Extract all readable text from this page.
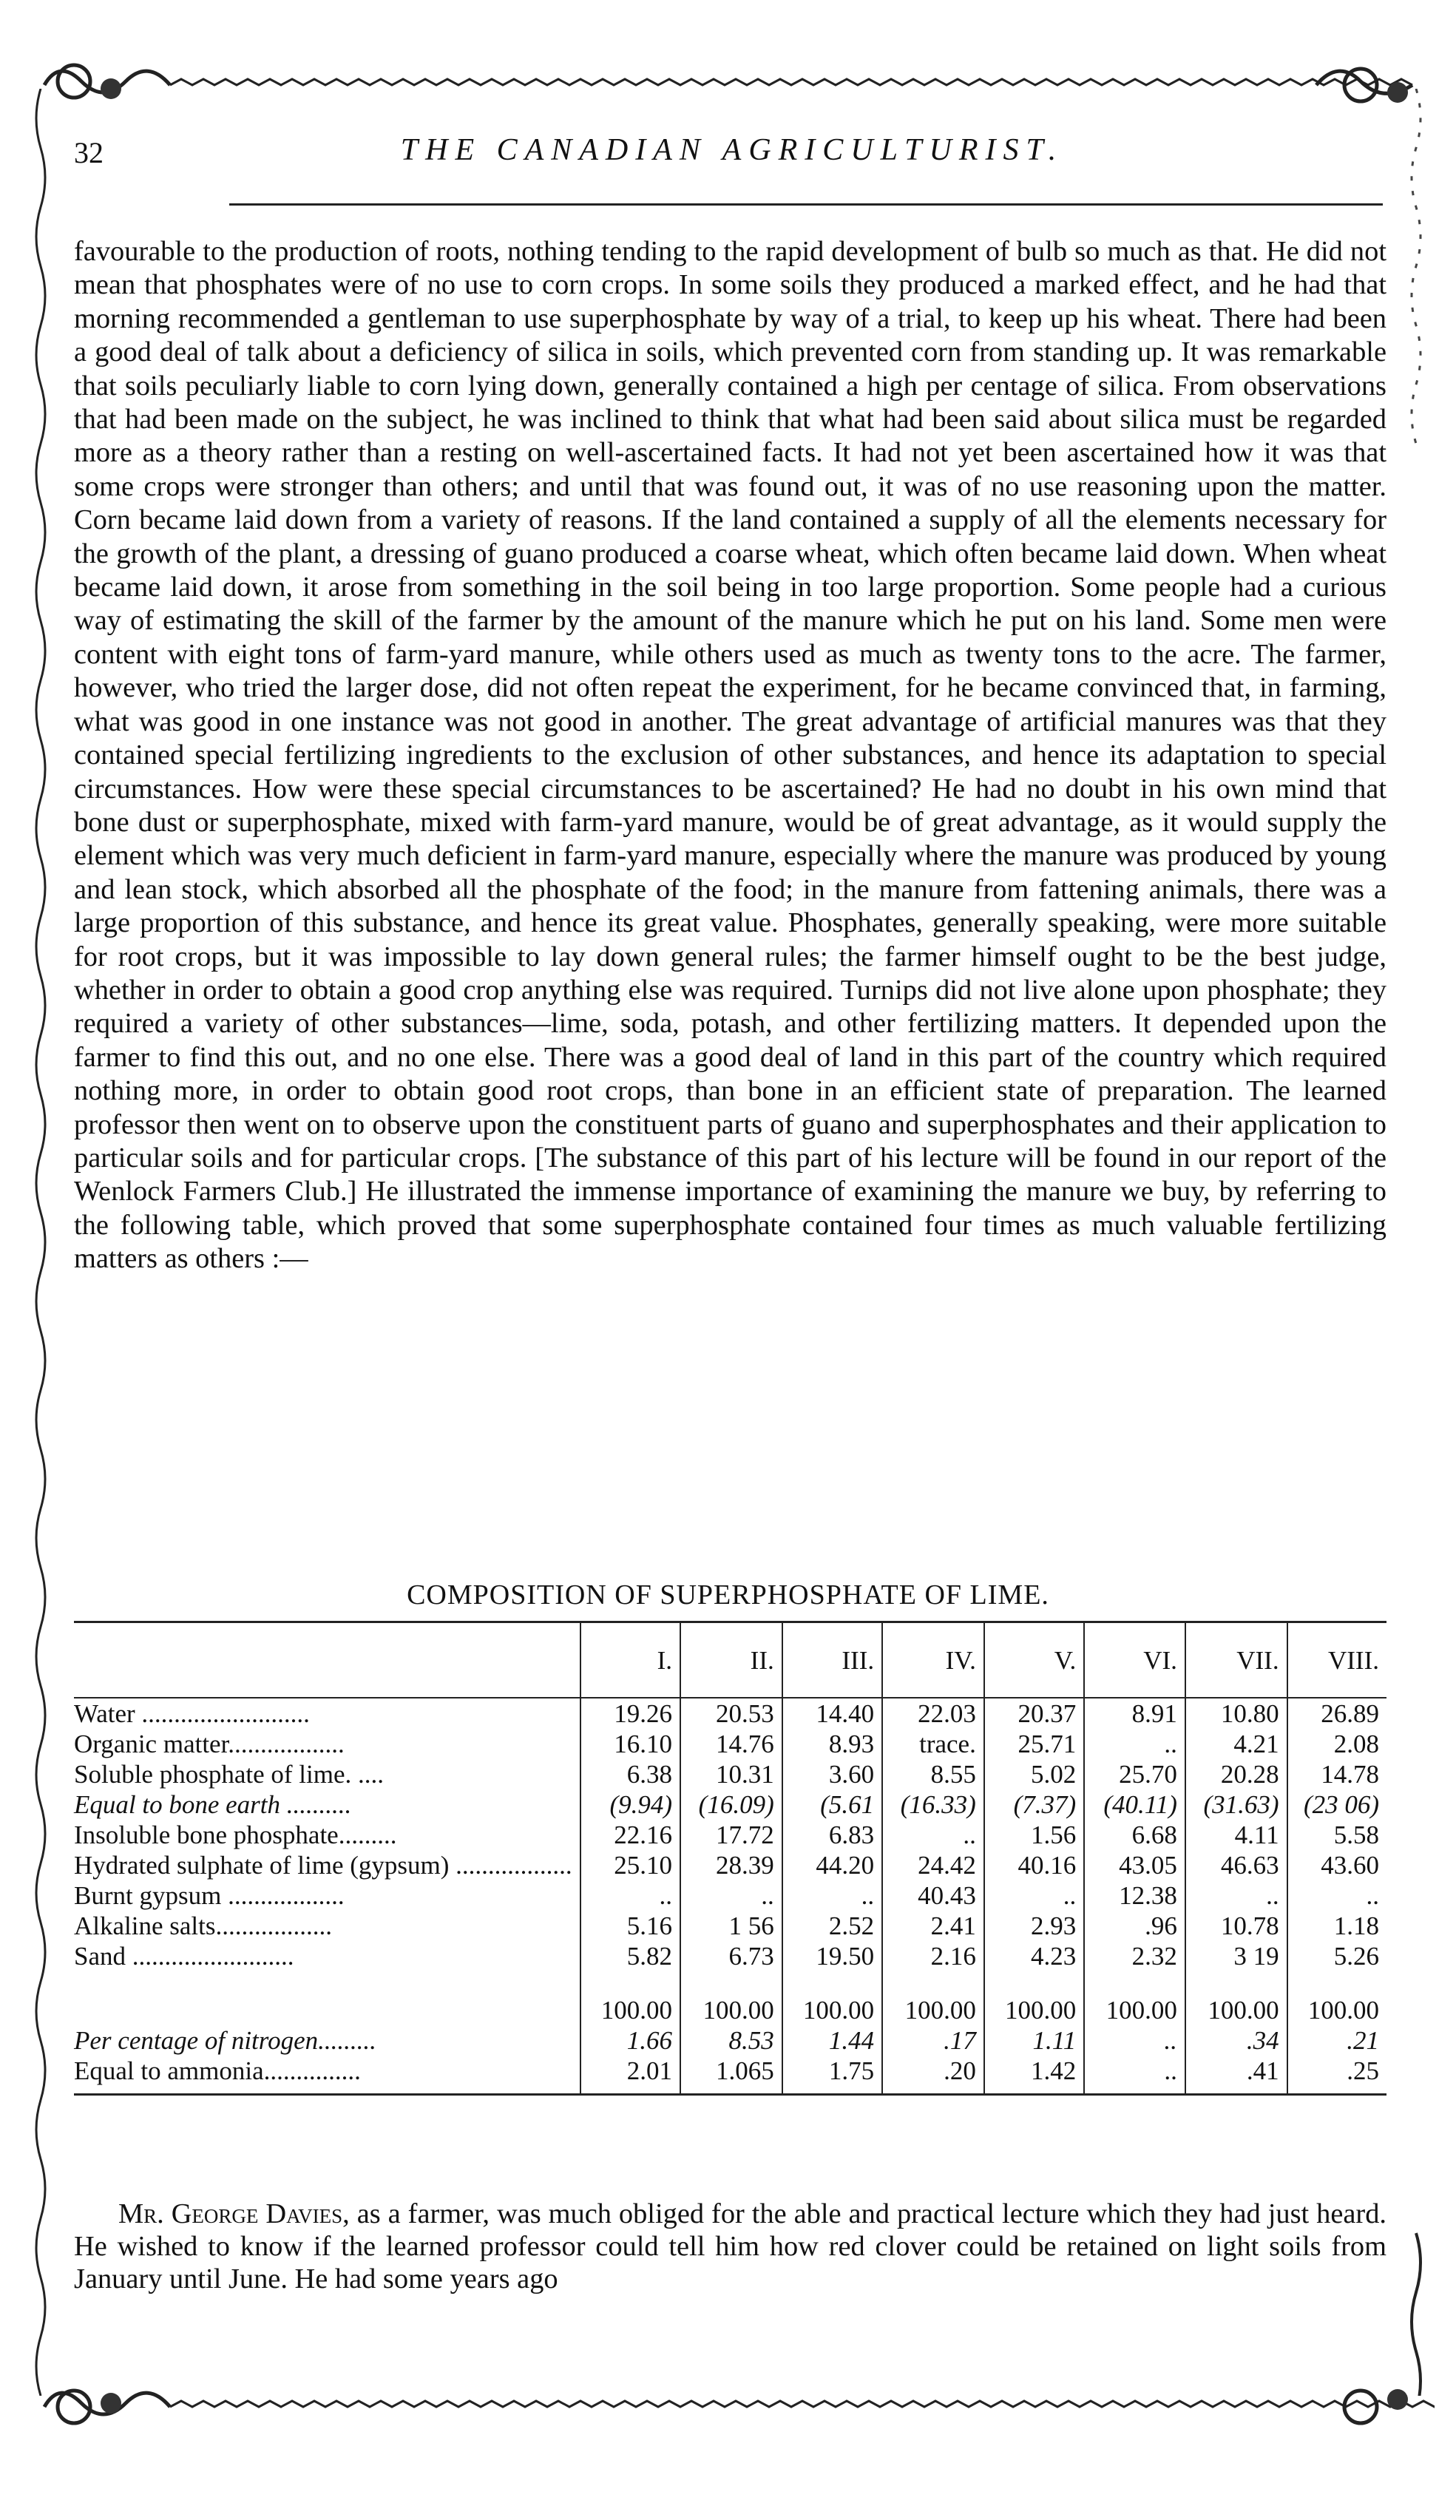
32	THE CANADIAN AGRICULTURIST.

favourable to the production of roots, nothing tending to the rapid development of bulb so much as that. He did not mean that phosphates were of no use to corn crops. In some soils they produced a marked effect, and he had that morning recommended a gentleman to use superphosphate by way of a trial, to keep up his wheat. There had been a good deal of talk about a deficiency of silica in soils, which prevented corn from standing up. It was remarkable that soils peculiarly liable to corn lying down, generally contained a high per centage of silica. From observations that had been made on the subject, he was inclined to think that what had been said about silica must be regarded more as a theory rather than a resting on well-ascertained facts. It had not yet been ascertained how it was that some crops were stronger than others; and until that was found out, it was of no use reasoning upon the matter. Corn became laid down from a variety of reasons. If the land contained a supply of all the elements necessary for the growth of the plant, a dressing of guano produced a coarse wheat, which often became laid down. When wheat became laid down, it arose from something in the soil being in too large proportion. Some people had a curious way of estimating the skill of the farmer by the amount of the manure which he put on his land. Some men were content with eight tons of farm-yard manure, while others used as much as twenty tons to the acre. The farmer, however, who tried the larger dose, did not often repeat the experiment, for he became convinced that, in farming, what was good in one instance was not good in another. The great advantage of artificial manures was that they contained special fertilizing ingredients to the exclusion of other substances, and hence its adaptation to special circumstances. How were these special circumstances to be ascertained? He had no doubt in his own mind that bone dust or superphosphate, mixed with farm-yard manure, would be of great advantage, as it would supply the element which was very much deficient in farm-yard manure, especially where the manure was produced by young and lean stock, which absorbed all the phosphate of the food; in the manure from fattening animals, there was a large proportion of this substance, and hence its great value. Phosphates, generally speaking, were more suitable for root crops, but it was impossible to lay down general rules; the farmer himself ought to be the best judge, whether in order to obtain a good crop anything else was required. Turnips did not live alone upon phosphate; they required a variety of other substances—lime, soda, potash, and other fertilizing matters. It depended upon the farmer to find this out, and no one else. There was a good deal of land in this part of the country which required nothing more, in order to obtain good root crops, than bone in an efficient state of preparation. The learned professor then went on to observe upon the constituent parts of guano and superphosphates and their application to particular soils and for particular crops. [The substance of this part of his lecture will be found in our report of the Wenlock Farmers Club.] He illustrated the immense importance of examining the manure we buy, by referring to the following table, which proved that some superphosphate contained four times as much valuable fertilizing matters as others :—

COMPOSITION OF SUPERPHOSPHATE OF LIME.
	I.	II.	III.	IV.	V.	VI.	VII.	VIII.
Water ..........................	19.26	20.53	14.40	22.03	20.37	8.91	10.80	26.89
Organic matter..................	16.10	14.76	8.93	trace.	25.71	..	4.21	2.08
Soluble phosphate of lime. ....	6.38	10.31	3.60	8.55	5.02	25.70	20.28	14.78
Equal to bone earth ..........	(9.94)	(16.09)	(5.61	(16.33)	(7.37)	(40.11)	(31.63)	(23 06)
Insoluble bone phosphate.........	22.16	17.72	6.83	..	1.56	6.68	4.11	5.58
Hydrated sulphate of lime (gypsum) ..................	25.10	28.39	44.20	24.42	40.16	43.05	46.63	43.60
Burnt gypsum ..................	..	..	..	40.43	..	12.38	..	..
Alkaline salts..................	5.16	1 56	2.52	2.41	2.93	.96	10.78	1.18
Sand .........................	5.82	6.73	19.50	2.16	4.23	2.32	3 19	5.26
	100.00	100.00	100.00	100.00	100.00	100.00	100.00	100.00
Per centage of nitrogen.........	1.66	8.53	1.44	.17	1.11	..	.34	.21
Equal to ammonia...............	2.01	1.065	1.75	.20	1.42	..	.41	.25
Mr. George Davies, as a farmer, was much obliged for the able and practical lecture which they had just heard. He wished to know if the learned professor could tell him how red clover could be retained on light soils from January until June. He had some years ago
